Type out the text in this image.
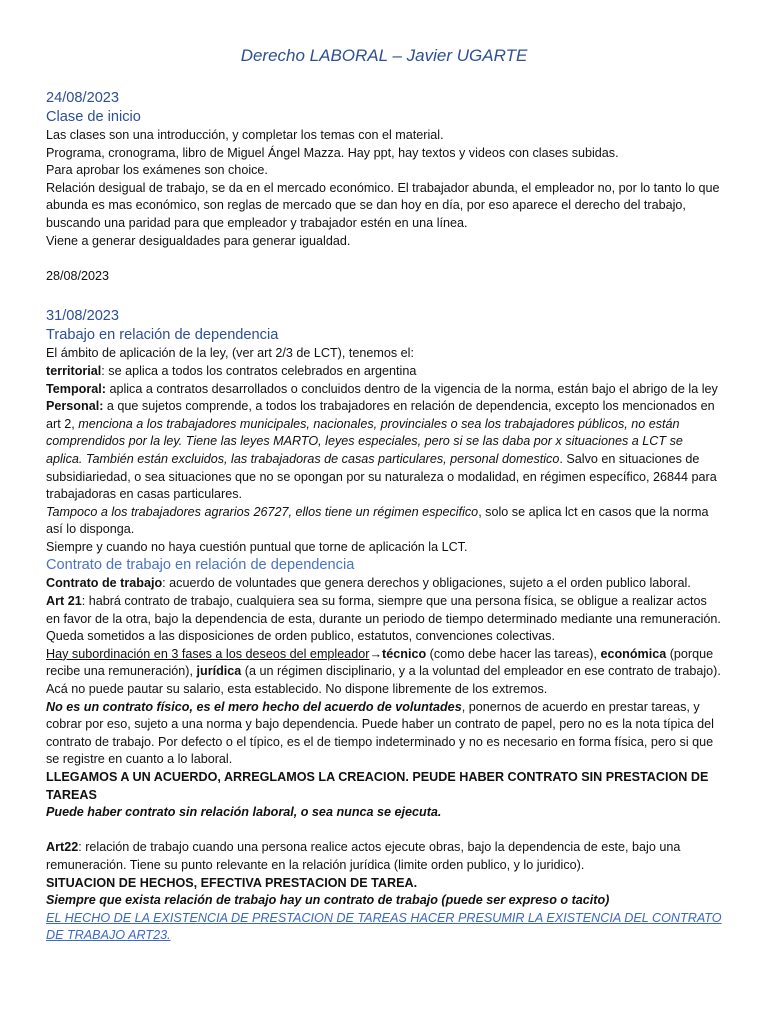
Derecho LABORAL – Javier UGARTE
24/08/2023
Clase de inicio

Las clases son una introducción, y completar los temas con el material.

Programa, cronograma, libro de Miguel Ángel Mazza. Hay ppt, hay textos y videos con clases subidas.

Para aprobar los exámenes son choice.

Relación desigual de trabajo, se da en el mercado económico. El trabajador abunda, el empleador no, por lo tanto lo que abunda es mas económico, son reglas de mercado que se dan hoy en día, por eso aparece el derecho del trabajo, buscando una paridad para que empleador y trabajador estén en una línea.

Viene a generar desigualdades para generar igualdad.

28/08/2023

31/08/2023
Trabajo en relación de dependencia

El ámbito de aplicación de la ley, (ver art 2/3 de LCT), tenemos el:

territorial: se aplica a todos los contratos celebrados en argentina

Temporal: aplica a contratos desarrollados o concluidos dentro de la vigencia de la norma, están bajo el abrigo de la ley

Personal: a que sujetos comprende, a todos los trabajadores en relación de dependencia, excepto los mencionados en art 2, menciona a los trabajadores municipales, nacionales, provinciales o sea los trabajadores públicos, no están comprendidos por la ley. Tiene las leyes MARTO, leyes especiales, pero si se las daba por x situaciones a LCT se aplica. También están excluidos, las trabajadoras de casas particulares, personal domestico. Salvo en situaciones de subsidiariedad, o sea situaciones que no se opongan por su naturaleza o modalidad, en régimen específico, 26844 para trabajadoras en casas particulares.

Tampoco a los trabajadores agrarios 26727, ellos tiene un régimen especifico, solo se aplica lct en casos que la norma así lo disponga.

Siempre y cuando no haya cuestión puntual que torne de aplicación la LCT.

Contrato de trabajo en relación de dependencia

Contrato de trabajo: acuerdo de voluntades que genera derechos y obligaciones, sujeto a el orden publico laboral.

Art 21: habrá contrato de trabajo, cualquiera sea su forma, siempre que una persona física, se obligue a realizar actos en favor de la otra, bajo la dependencia de esta, durante un periodo de tiempo determinado mediante una remuneración. Queda sometidos a las disposiciones de orden publico, estatutos, convenciones colectivas.

Hay subordinación en 3 fases a los deseos del empleador→técnico (como debe hacer las tareas), económica (porque recibe una remuneración), jurídica (a un régimen disciplinario, y a la voluntad del empleador en ese contrato de trabajo). Acá no puede pautar su salario, esta establecido. No dispone libremente de los extremos.

No es un contrato físico, es el mero hecho del acuerdo de voluntades, ponernos de acuerdo en prestar tareas, y cobrar por eso, sujeto a una norma y bajo dependencia. Puede haber un contrato de papel, pero no es la nota típica del contrato de trabajo. Por defecto o el típico, es el de tiempo indeterminado y no es necesario en forma física, pero si que se registre en cuanto a lo laboral.

LLEGAMOS A UN ACUERDO, ARREGLAMOS LA CREACION. PEUDE HABER CONTRATO SIN PRESTACION DE TAREAS

Puede haber contrato sin relación laboral, o sea nunca se ejecuta.

Art22: relación de trabajo cuando una persona realice actos ejecute obras, bajo la dependencia de este, bajo una remuneración. Tiene su punto relevante en la relación jurídica (limite orden publico, y lo juridico).

SITUACION DE HECHOS, EFECTIVA PRESTACION DE TAREA.

Siempre que exista relación de trabajo hay un contrato de trabajo (puede ser expreso o tacito)

EL HECHO DE LA EXISTENCIA DE PRESTACION DE TAREAS HACER PRESUMIR LA EXISTENCIA DEL CONTRATO DE TRABAJO ART23.
